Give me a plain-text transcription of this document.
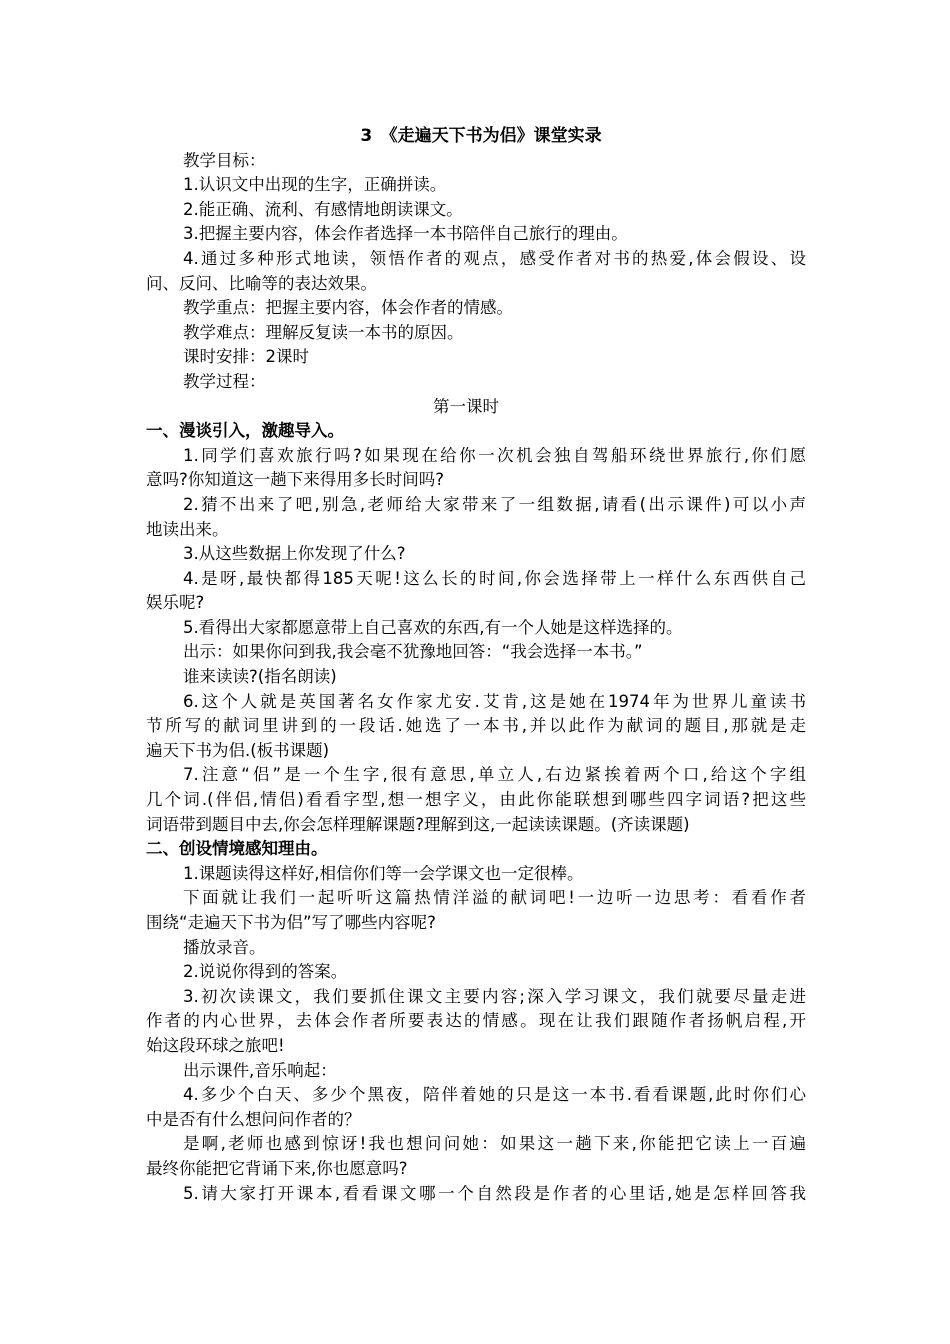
3　《走遍天下书为侣》课堂实录
教学目标：
1.认识文中出现的生字，正确拼读。
2.能正确、流利、有感情地朗读课文。
3.把握主要内容，体会作者选择一本书陪伴自己旅行的理由。
4.通过多种形式地读，领悟作者的观点，感受作者对书的热爱,体会假设、设
问、反问、比喻等的表达效果。
教学重点：把握主要内容，体会作者的情感。
教学难点：理解反复读一本书的原因。
课时安排：2课时
教学过程：
第一课时
一、漫谈引入，激趣导入。
1.同学们喜欢旅行吗?如果现在给你一次机会独自驾船环绕世界旅行,你们愿
意吗?你知道这一趟下来得用多长时间吗?
2.猜不出来了吧,别急,老师给大家带来了一组数据,请看(出示课件)可以小声
地读出来。
3.从这些数据上你发现了什么?
4.是呀,最快都得185天呢!这么长的时间,你会选择带上一样什么东西供自己
娱乐呢?
5.看得出大家都愿意带上自己喜欢的东西,有一个人她是这样选择的。
出示：如果你问到我,我会毫不犹豫地回答：“我会选择一本书。”
谁来读读?(指名朗读)
6.这个人就是英国著名女作家尤安.艾肯,这是她在1974年为世界儿童读书
节所写的献词里讲到的一段话.她选了一本书,并以此作为献词的题目,那就是走
遍天下书为侣.(板书课题)
7.注意“侣”是一个生字,很有意思,单立人,右边紧挨着两个口,给这个字组
几个词.(伴侣,情侣)看看字型,想一想字义，由此你能联想到哪些四字词语?把这些
词语带到题目中去,你会怎样理解课题?理解到这,一起读读课题。(齐读课题)
二、创设情境感知理由。
1.课题读得这样好,相信你们等一会学课文也一定很棒。
下面就让我们一起听听这篇热情洋溢的献词吧!一边听一边思考：看看作者
围绕“走遍天下书为侣”写了哪些内容呢?
播放录音。
2.说说你得到的答案。
3.初次读课文，我们要抓住课文主要内容;深入学习课文，我们就要尽量走进
作者的内心世界，去体会作者所要表达的情感。现在让我们跟随作者扬帆启程,开
始这段环球之旅吧!
出示课件,音乐响起：
4.多少个白天、多少个黑夜，陪伴着她的只是这一本书.看看课题,此时你们心
中是否有什么想问问作者的？
是啊,老师也感到惊讶!我也想问问她：如果这一趟下来,你能把它读上一百遍
最终你能把它背诵下来,你也愿意吗?
5.请大家打开课本,看看课文哪一个自然段是作者的心里话,她是怎样回答我
